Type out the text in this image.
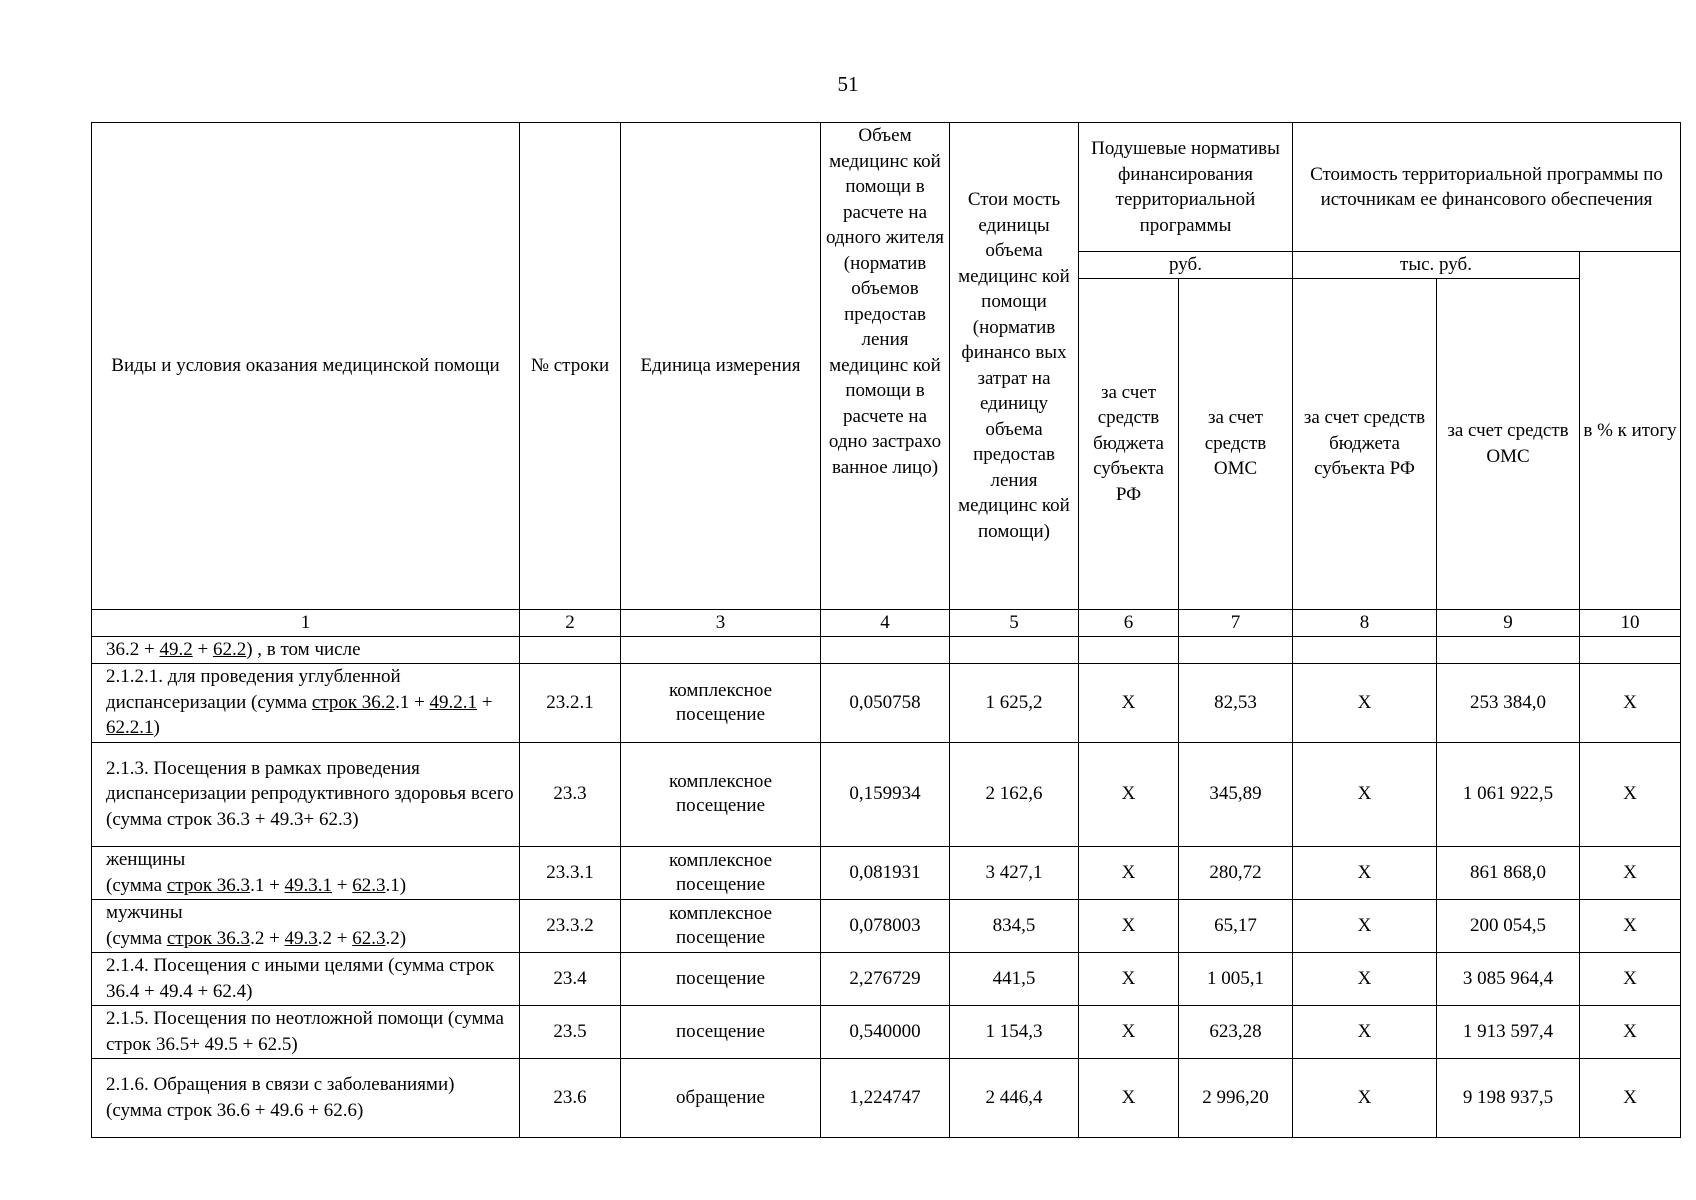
51
Виды и условия оказания медицинской помощи	№ строки	Единица измерения	Объем медицинс кой помощи в расчете на одного жителя (норматив объемов предостав ления медицинс кой помощи в расчете на одно застрахо ванное лицо)	Стои мость единицы объема медицинс кой помощи (норматив финансо вых затрат на единицу объема предостав ления медицинс кой помощи)	Подушевые нормативы финансирования территориальной программы		Стоимость территориальной программы по источникам ее финансового обеспечения		
					руб.		тыс. руб.		в % к итогу
					за счет средств бюджета субъекта РФ	за счет средств ОМС	за счет средств бюджета субъекта РФ	за счет средств ОМС	
1	2	3	4	5	6	7	8	9	10
36.2 + 49.2 + 62.2) , в том числе									
2.1.2.1. для проведения углубленной диспансеризации (сумма строк 36.2.1 + 49.2.1 + 62.2.1)	23.2.1	комплексное посещение	0,050758	1 625,2	Х	82,53	Х	253 384,0	Х
2.1.3. Посещения в рамках проведения диспансеризации репродуктивного здоровья всего (сумма строк 36.3 + 49.3+ 62.3)	23.3	комплексное посещение	0,159934	2 162,6	Х	345,89	Х	1 061 922,5	Х
женщины
(сумма строк 36.3.1 + 49.3.1 + 62.3.1)	23.3.1	комплексное посещение	0,081931	3 427,1	Х	280,72	Х	861 868,0	Х
мужчины
(сумма строк 36.3.2 + 49.3.2 + 62.3.2)	23.3.2	комплексное посещение	0,078003	834,5	Х	65,17	Х	200 054,5	Х
2.1.4. Посещения с иными целями (сумма строк 36.4 + 49.4 + 62.4)	23.4	посещение	2,276729	441,5	Х	1 005,1	Х	3 085 964,4	Х
2.1.5. Посещения по неотложной помощи (сумма строк 36.5+ 49.5 + 62.5)	23.5	посещение	0,540000	1 154,3	Х	623,28	Х	1 913 597,4	Х
2.1.6. Обращения в связи с заболеваниями) (сумма строк 36.6 + 49.6 + 62.6)	23.6	обращение	1,224747	2 446,4	Х	2 996,20	Х	9 198 937,5	Х
